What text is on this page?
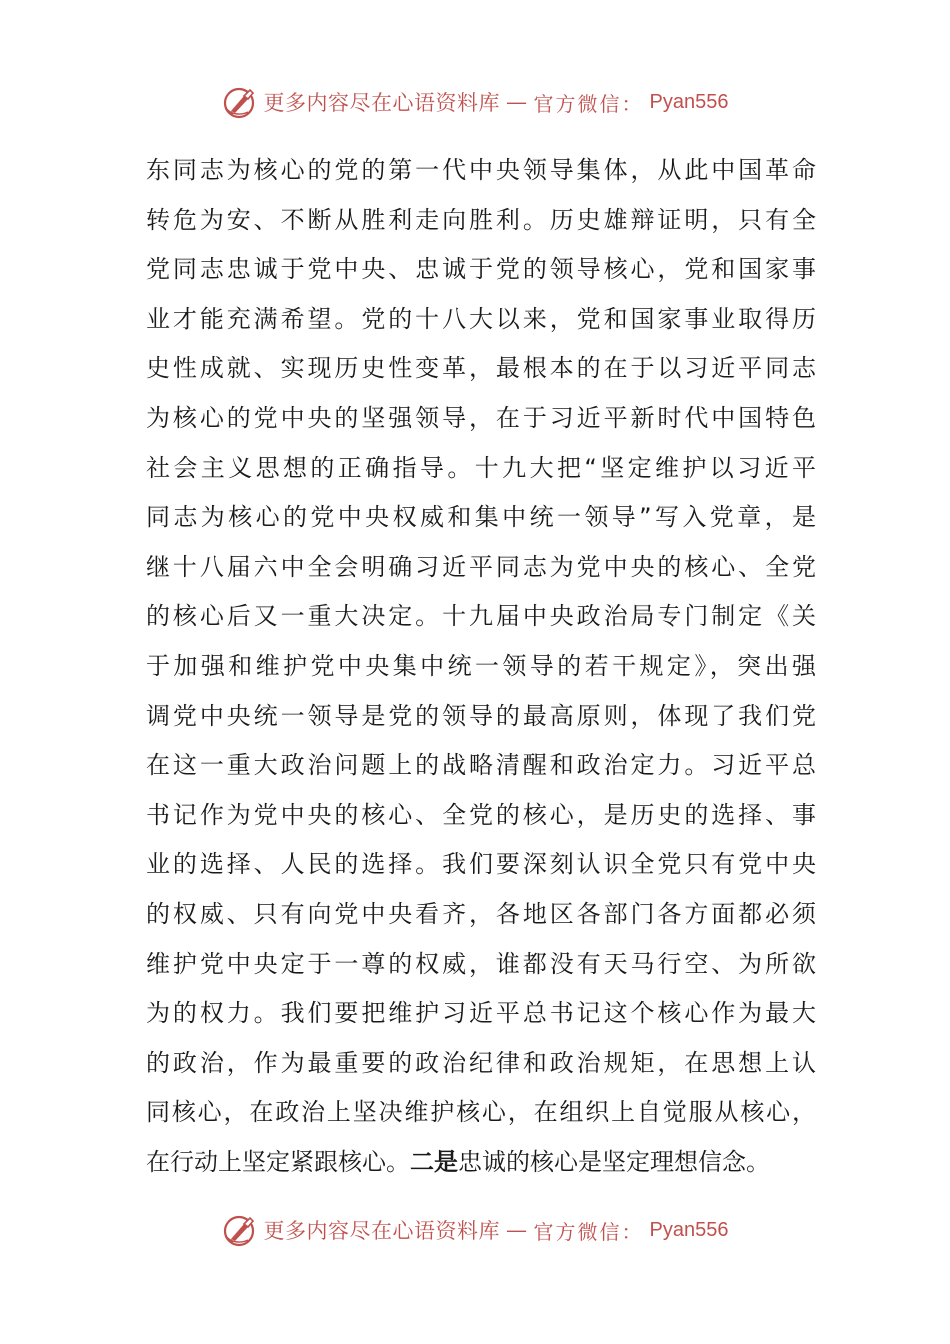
更多内容尽在心语资料库 — 官方微信： Pyan556
东同志为核心的党的第一代中央领导集体，从此中国革命
转危为安、不断从胜利走向胜利。历史雄辩证明，只有全
党同志忠诚于党中央、忠诚于党的领导核心，党和国家事
业才能充满希望。党的十八大以来，党和国家事业取得历
史性成就、实现历史性变革，最根本的在于以习近平同志
为核心的党中央的坚强领导，在于习近平新时代中国特色
社会主义思想的正确指导。十九大把“坚定维护以习近平
同志为核心的党中央权威和集中统一领导”写入党章，是
继十八届六中全会明确习近平同志为党中央的核心、全党
的核心后又一重大决定。十九届中央政治局专门制定《关
于加强和维护党中央集中统一领导的若干规定》，突出强
调党中央统一领导是党的领导的最高原则，体现了我们党
在这一重大政治问题上的战略清醒和政治定力。习近平总
书记作为党中央的核心、全党的核心，是历史的选择、事
业的选择、人民的选择。我们要深刻认识全党只有党中央
的权威、只有向党中央看齐，各地区各部门各方面都必须
维护党中央定于一尊的权威，谁都没有天马行空、为所欲
为的权力。我们要把维护习近平总书记这个核心作为最大
的政治，作为最重要的政治纪律和政治规矩，在思想上认
同核心，在政治上坚决维护核心，在组织上自觉服从核心，
在行动上坚定紧跟核心。二是忠诚的核心是坚定理想信念。
更多内容尽在心语资料库 — 官方微信： Pyan556
